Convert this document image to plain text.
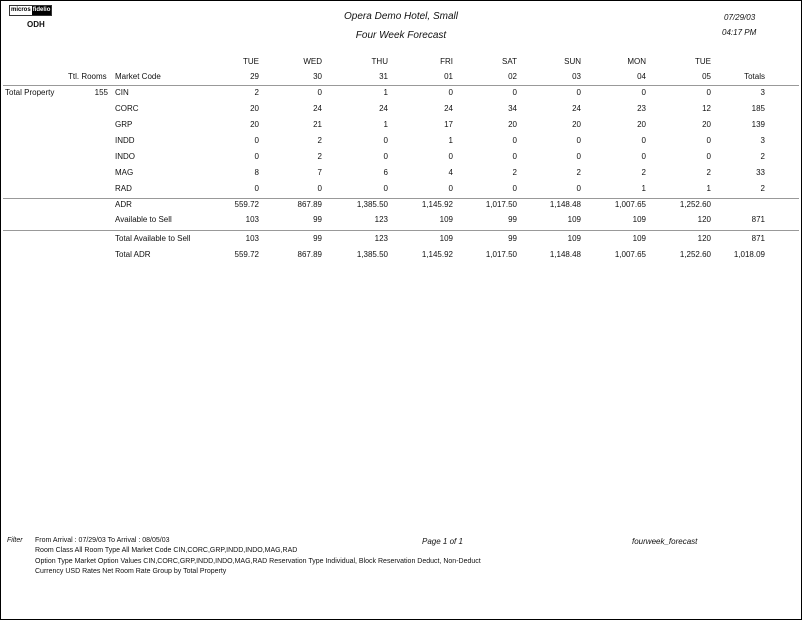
micros fidelio
ODH
Opera Demo Hotel, Small
Four Week Forecast
07/29/03
04:17 PM
TUE	WED	THU	FRI	SAT	SUN	MON	TUE
Ttl. Rooms Market Code	Totals
29	30	31	01	02	03	04	05
Total Property	155 CIN	2	0	1	0	0	0	0	0	3
CORC	20	24	24	24	34	24	23	12	185
GRP	20	21	1	17	20	20	20	20	139
INDD	0	2	0	1	0	0	0	0	3
INDO	0	2	0	0	0	0	0	0	2
MAG	8	7	6	4	2	2	2	2	33
RAD	0	0	0	0	0	0	1	1	2
ADR	559.72	867.89	1,385.50	1,145.92	1,017.50	1,148.48	1,007.65	1,252.60
Available to Sell	103	99	123	109	99	109	109	120	871
Total Available to Sell	103	99	123	109	99	109	109	120	871
Total ADR	559.72	867.89	1,385.50	1,145.92	1,017.50	1,148.48	1,007.65	1,252.60	1,018.09
Filter From Arrival : 07/29/03 To Arrival : 08/05/03
Room Class All Room Type All Market Code CIN,CORC,GRP,INDD,INDO,MAG,RAD
Option Type Market Option Values CIN,CORC,GRP,INDD,INDO,MAG,RAD Reservation Type Individual, Block Reservation Deduct, Non-Deduct
Currency USD Rates Net Room Rate Group by Total Property
Page 1 of 1	fourweek_forecast
